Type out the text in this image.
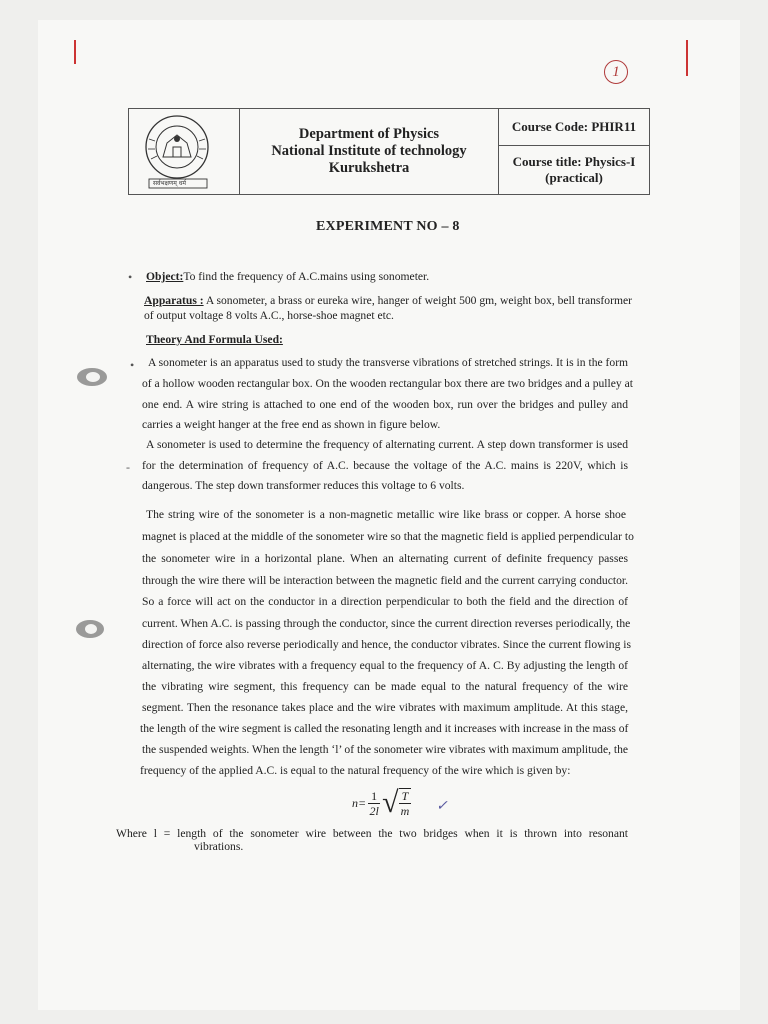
1
सर्वभक्षणम् धर्म
Department of Physics
National Institute of technology
Kurukshetra
Course Code: PHIR11
Course title: Physics-I
(practical)
EXPERIMENT NO – 8
Object:To find the frequency of A.C.mains using sonometer.
Apparatus : A sonometer, a brass or eureka wire, hanger of weight 500 gm, weight box, bell transformer
of output voltage 8 volts A.C., horse-shoe magnet etc.
Theory And Formula Used:
A sonometer is an apparatus used to study the transverse vibrations of stretched strings. It is in the form
of a hollow wooden rectangular box. On the wooden rectangular box there are two bridges and a pulley at
one end. A wire string is attached to one end of the wooden box, run over the bridges and pulley and
carries a weight hanger at the free end as shown in figure below.
A sonometer is used to determine the frequency of alternating current. A step down transformer is used
for the determination of frequency of A.C. because the voltage of the A.C. mains is 220V, which is
dangerous. The step down transformer reduces this voltage to 6 volts.
The string wire of the sonometer is a non-magnetic metallic wire like brass or copper. A horse shoe
magnet is placed at the middle of the sonometer wire so that the magnetic field is applied perpendicular to
the sonometer wire in a horizontal plane. When an alternating current of definite frequency passes
through the wire there will be interaction between the magnetic field and the current carrying conductor.
So a force will act on the conductor in a direction perpendicular to both the field and the direction of
current. When A.C. is passing through the conductor, since the current direction reverses periodically, the
direction of force also reverse periodically and hence, the conductor vibrates. Since the current flowing is
alternating, the wire vibrates with a frequency equal to the frequency of A. C. By adjusting the length of
the vibrating wire segment, this frequency can be made equal to the natural frequency of the wire
segment. Then the resonance takes place and the wire vibrates with maximum amplitude. At this stage,
the length of the wire segment is called the resonating length and it increases with increase in the mass of
the suspended weights. When the length ‘l’ of the sonometer wire vibrates with maximum amplitude, the
frequency of the applied A.C. is equal to the natural frequency of the wire which is given by:
$n= \frac{1}{2l}$ √ $\frac{T}{m}$ ✓
Where l = length of the sonometer wire between the two bridges when it is thrown into resonant
vibrations.
•
•
-
